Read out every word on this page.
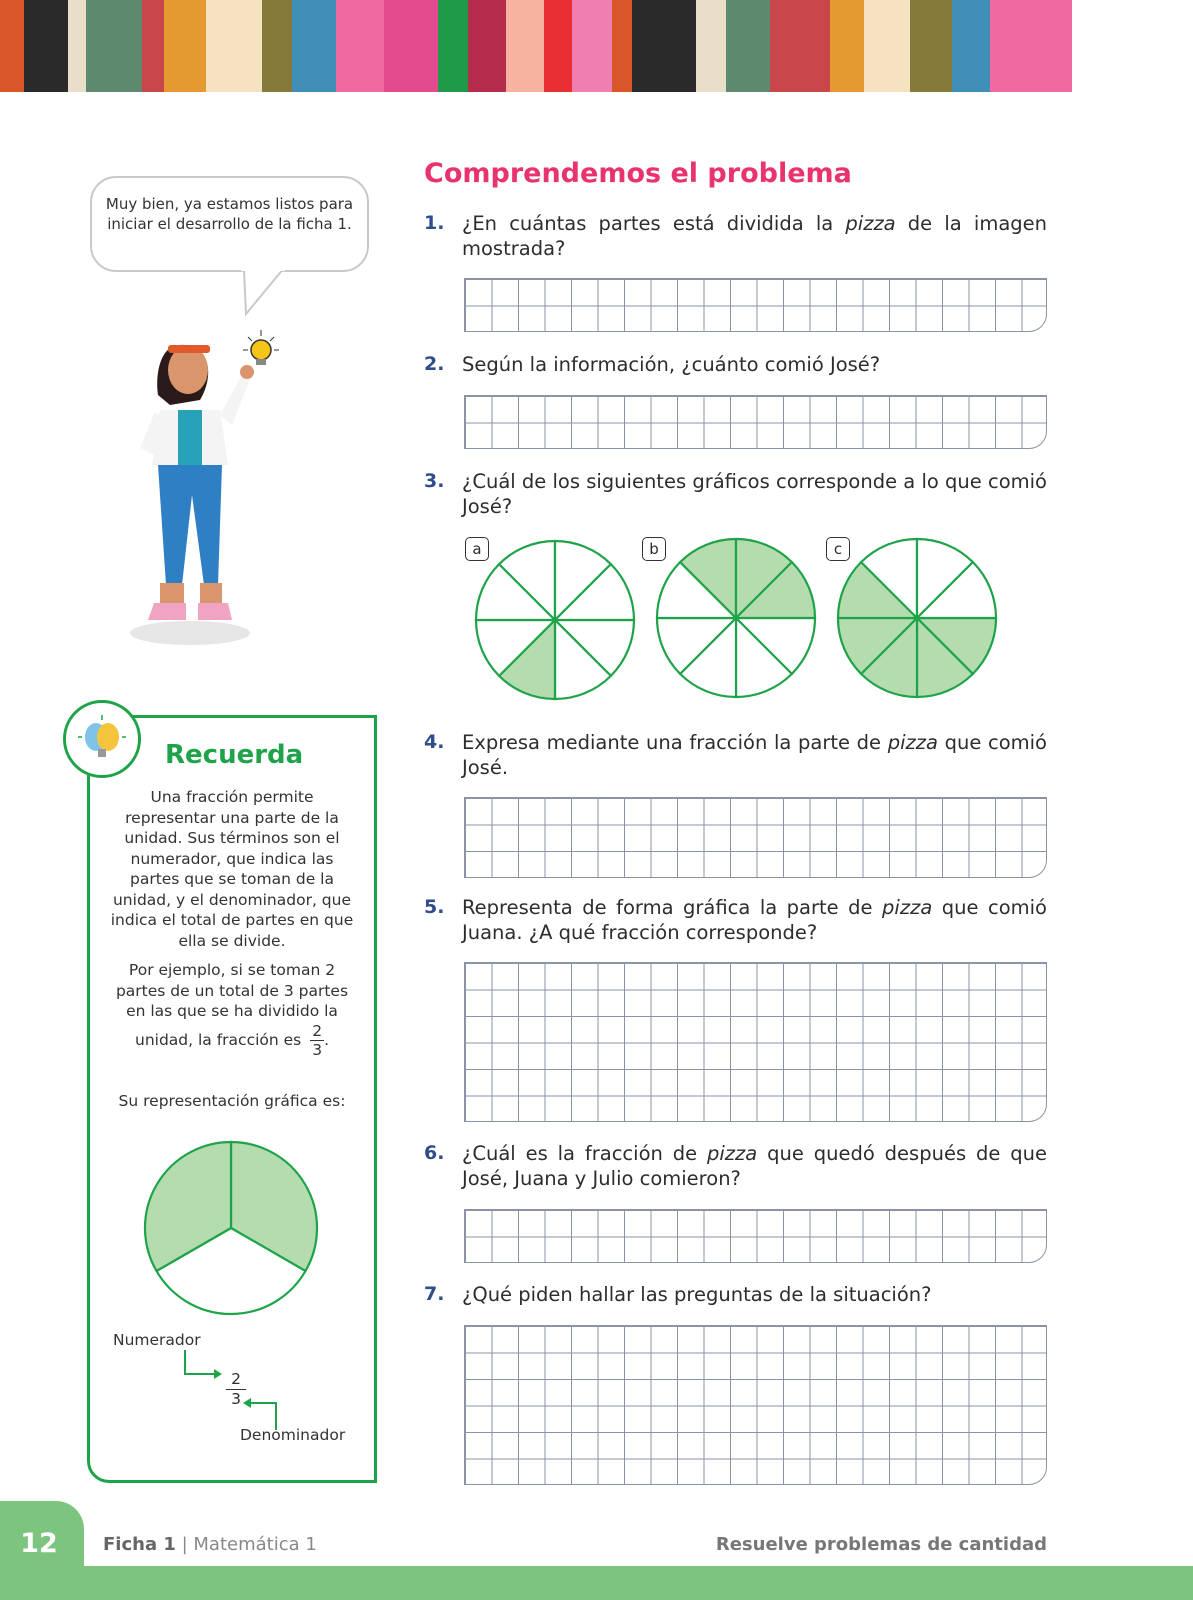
Muy bien, ya estamos listos para iniciar el desarrollo de la ficha 1.
Recuerda
Una fracción permite representar una parte de la unidad. Sus términos son el numerador, que indica las partes que se toman de la unidad, y el denominador, que indica el total de partes en que ella se divide.
Por ejemplo, si se toman 2 partes de un total de 3 partes en las que se ha dividido la unidad, la fracción es $\frac{2}{3}$ .
Su representación gráfica es:
Numerador
$\frac{2}{3}$
Denominador
Comprendemos el problema
1. ¿En cuántas partes está dividida la pizza de la imagen mostrada?
2. Según la información, ¿cuánto comió José?
3. ¿Cuál de los siguientes gráficos corresponde a lo que comió José?
a	b	c
4. Expresa mediante una fracción la parte de pizza que comió José.
5. Representa de forma gráfica la parte de pizza que comió Juana. ¿A qué fracción corresponde?
6. ¿Cuál es la fracción de pizza que quedó después de que José, Juana y Julio comieron?
7. ¿Qué piden hallar las preguntas de la situación?
12	Ficha 1 | Matemática 1	Resuelve problemas de cantidad
